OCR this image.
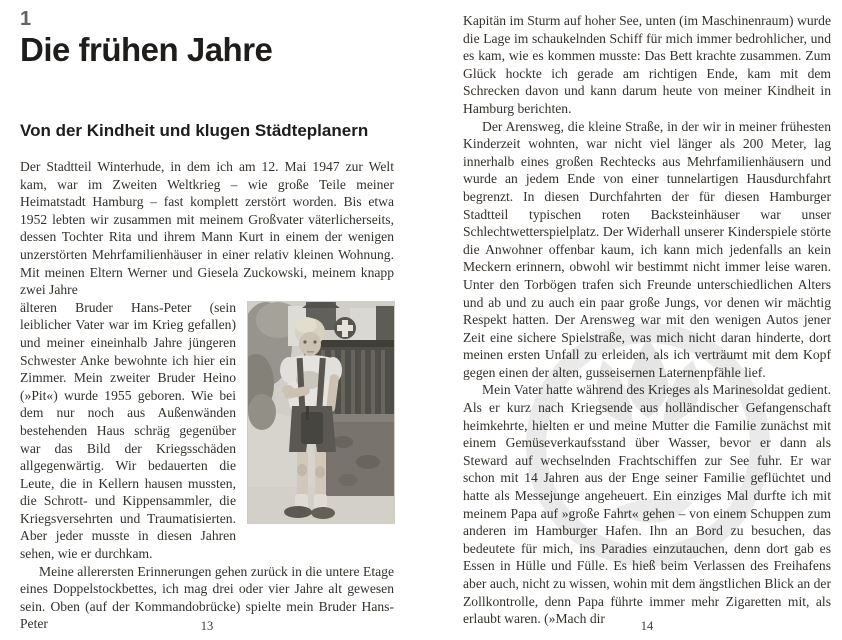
1
Die frühen Jahre
Von der Kindheit und klugen Städteplanern

Der Stadtteil Winterhude, in dem ich am 12. Mai 1947 zur Welt kam, war im Zweiten Weltkrieg – wie große Teile meiner Heimatstadt Hamburg – fast komplett zerstört worden. Bis etwa 1952 lebten wir zusammen mit meinem Großvater väterlicherseits, dessen Tochter Rita und ihrem Mann Kurt in einem der wenigen unzerstörten Mehrfamilienhäuser in einer relativ kleinen Wohnung. Mit meinen Eltern Werner und Giesela Zuckowski, meinem knapp zwei Jahre

älteren Bruder Hans-Peter (sein leiblicher Vater war im Krieg gefallen) und meiner eineinhalb Jahre jüngeren Schwester Anke bewohnte ich hier ein Zimmer. Mein zweiter Bruder Heino (»Pit«) wurde 1955 geboren. Wie bei dem nur noch aus Außenwänden bestehenden Haus schräg gegenüber war das Bild der Kriegsschäden allgegenwärtig. Wir bedauerten die Leute, die in Kellern hausen mussten, die Schrott- und Kippensammler, die Kriegsversehrten und Traumatisierten. Aber jeder musste in diesen Jahren sehen, wie er durchkam.

Meine allerersten Erinnerungen gehen zurück in die untere Etage eines Doppelstockbettes, ich mag drei oder vier Jahre alt gewesen sein. Oben (auf der Kommandobrücke) spielte mein Bruder Hans-Peter	13

Kapitän im Sturm auf hoher See, unten (im Maschinenraum) wurde die Lage im schaukelnden Schiff für mich immer bedrohlicher, und es kam, wie es kommen musste: Das Bett krachte zusammen. Zum Glück hockte ich gerade am richtigen Ende, kam mit dem Schrecken davon und kann darum heute von meiner Kindheit in Hamburg berichten.

Der Arensweg, die kleine Straße, in der wir in meiner frühesten Kinderzeit wohnten, war nicht viel länger als 200 Meter, lag innerhalb eines großen Rechtecks aus Mehrfamilienhäusern und wurde an jedem Ende von einer tunnelartigen Hausdurchfahrt begrenzt. In diesen Durchfahrten der für diesen Hamburger Stadtteil typischen roten Backsteinhäuser war unser Schlechtwetterspielplatz. Der Widerhall unserer Kinderspiele störte die Anwohner offenbar kaum, ich kann mich jedenfalls an kein Meckern erinnern, obwohl wir bestimmt nicht immer leise waren. Unter den Torbögen trafen sich Freunde unterschiedlichen Alters und ab und zu auch ein paar große Jungs, vor denen wir mächtig Respekt hatten. Der Arensweg war mit den wenigen Autos jener Zeit eine sichere Spielstraße, was mich nicht daran hinderte, dort meinen ersten Unfall zu erleiden, als ich verträumt mit dem Kopf gegen einen der alten, gusseisernen Laternenpfähle lief.

Mein Vater hatte während des Krieges als Marinesoldat gedient. Als er kurz nach Kriegsende aus holländischer Gefangenschaft heimkehrte, hielten er und meine Mutter die Familie zunächst mit einem Gemüseverkaufsstand über Wasser, bevor er dann als Steward auf wechselnden Frachtschiffen zur See fuhr. Er war schon mit 14 Jahren aus der Enge seiner Familie geflüchtet und hatte als Messejunge angeheuert. Ein einziges Mal durfte ich mit meinem Papa auf »große Fahrt« gehen – von einem Schuppen zum anderen im Hamburger Hafen. Ihn an Bord zu besuchen, das bedeutete für mich, ins Paradies einzutauchen, denn dort gab es Essen in Hülle und Fülle. Es hieß beim Verlassen des Freihafens aber auch, nicht zu wissen, wohin mit dem ängstlichen Blick an der Zollkontrolle, denn Papa führte immer mehr Zigaretten mit, als erlaubt waren. (»Mach dir	14
